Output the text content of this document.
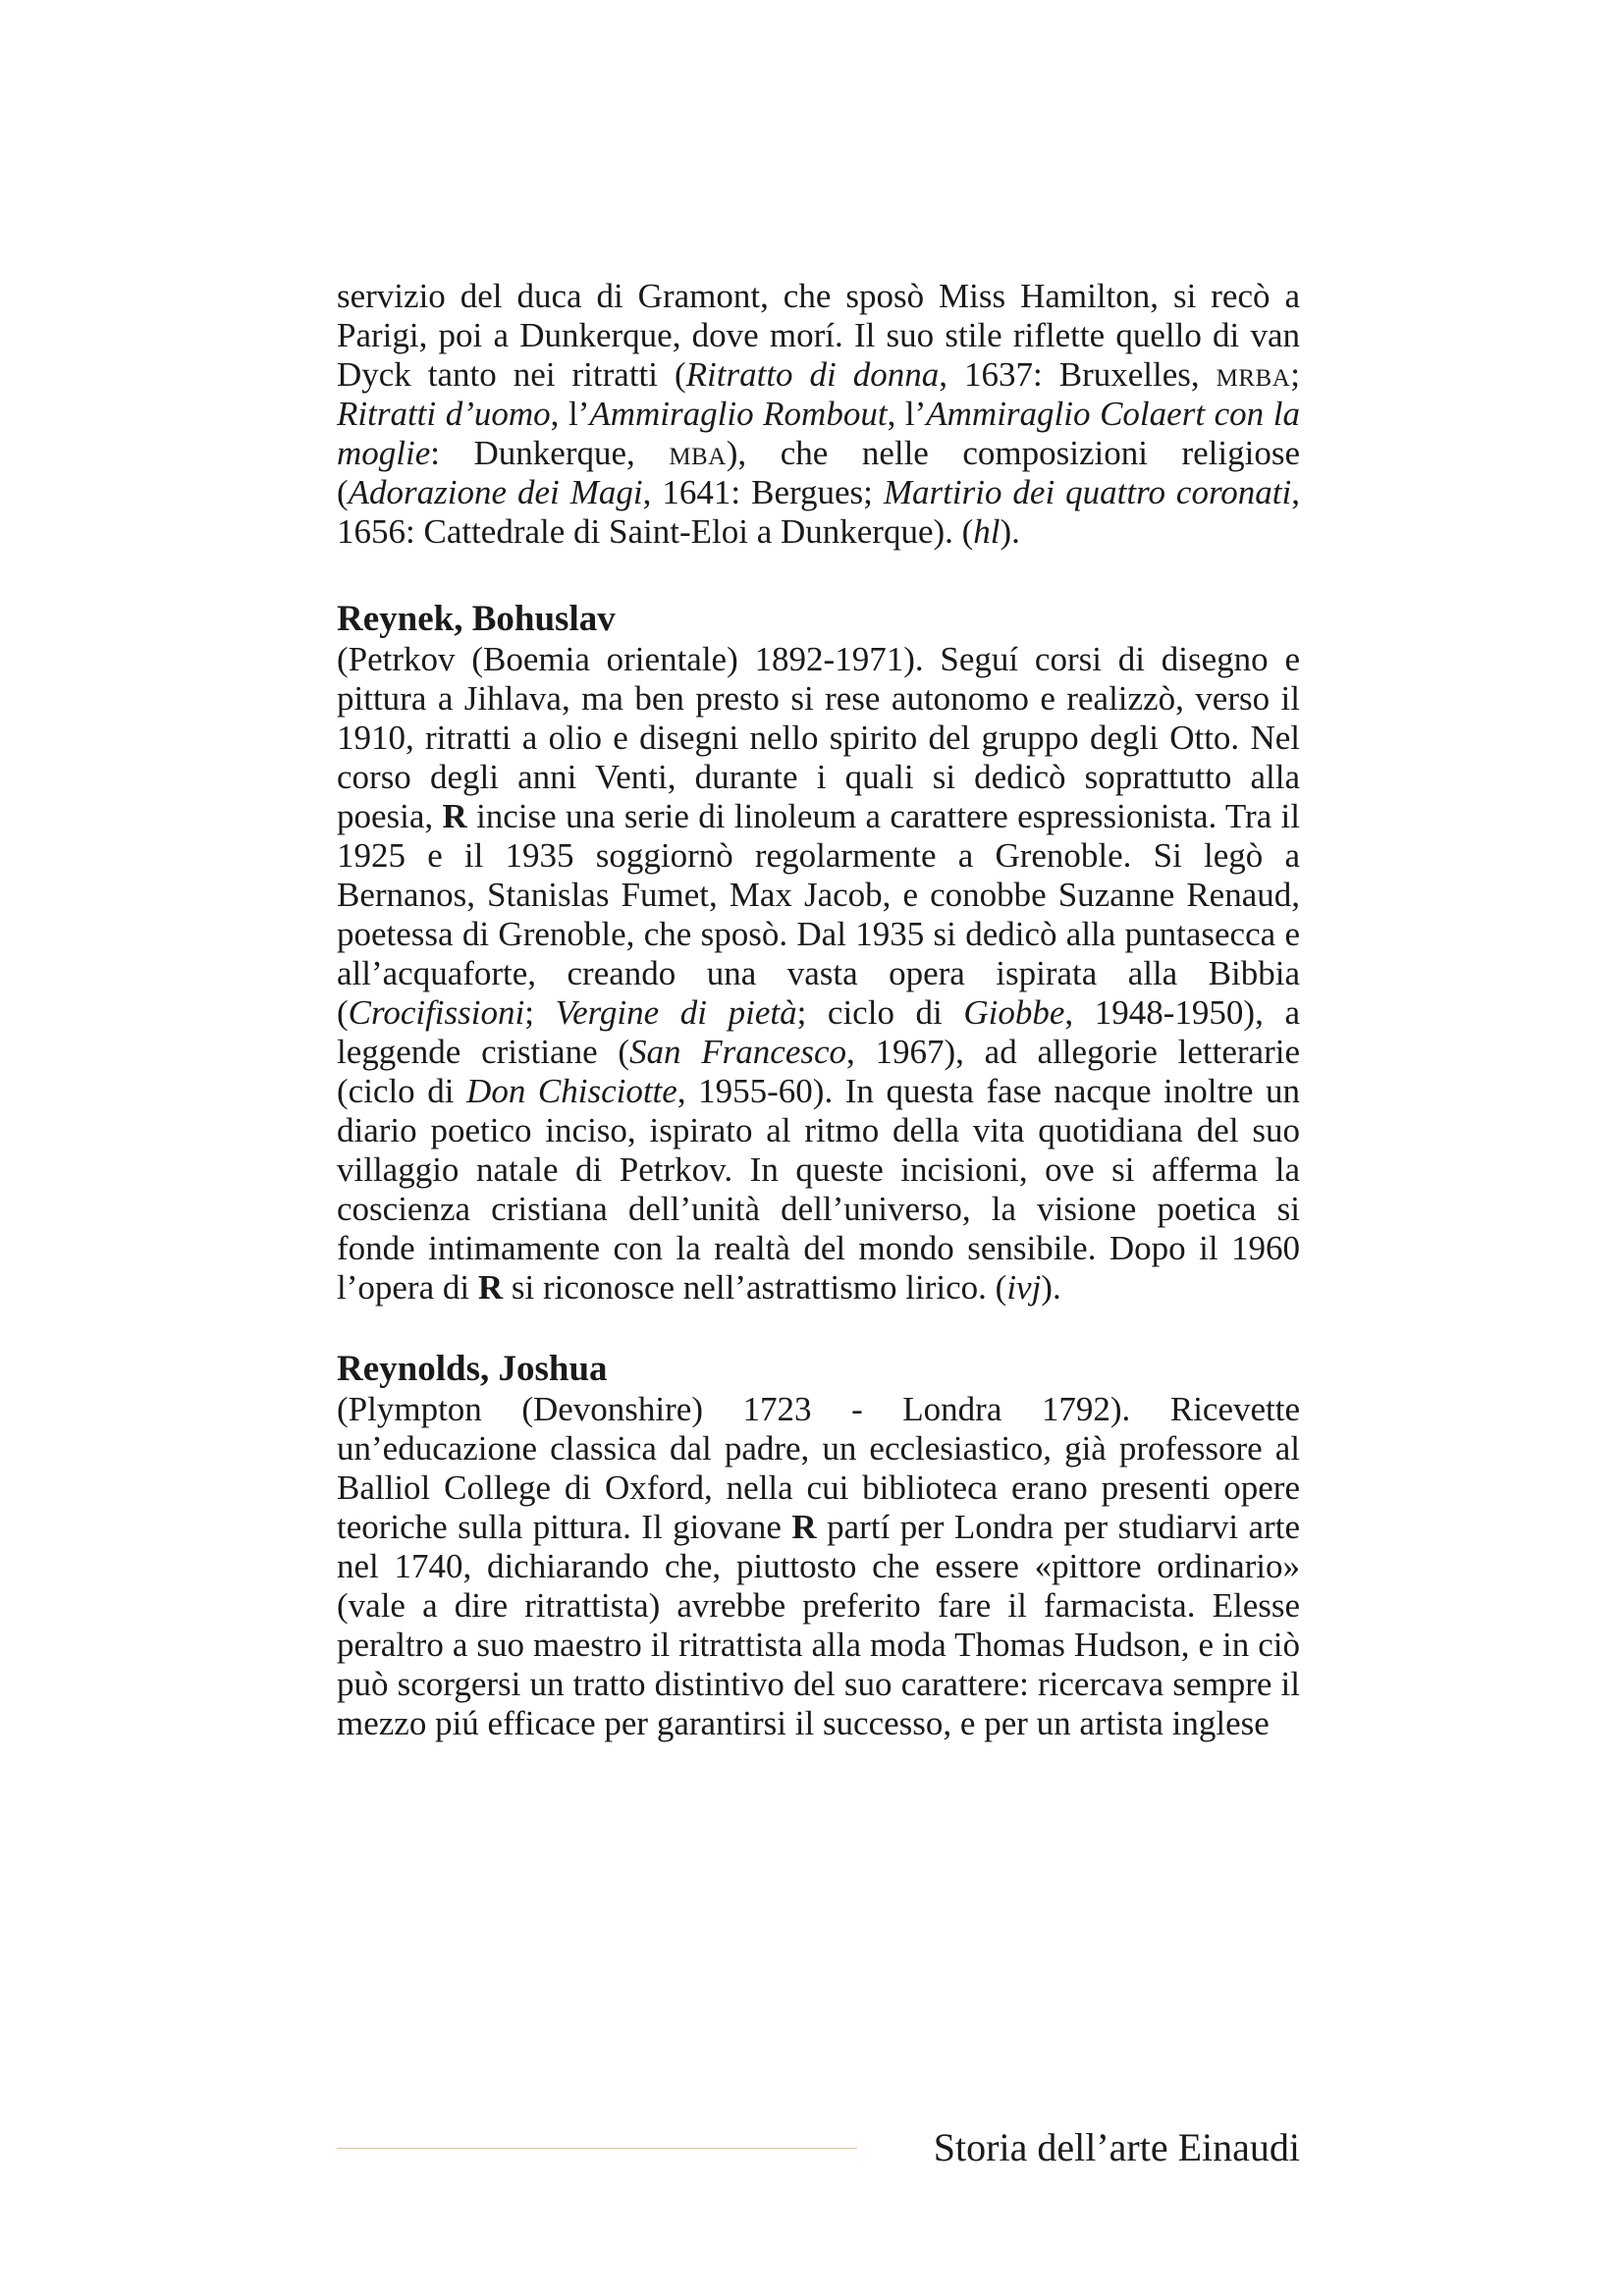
servizio del duca di Gramont, che sposò Miss Hamilton, si recò a Parigi, poi a Dunkerque, dove morí. Il suo stile riflette quello di van Dyck tanto nei ritratti (Ritratto di donna, 1637: Bruxelles, mrba; Ritratti d’uomo, l’Ammiraglio Rombout, l’Ammiraglio Colaert con la moglie: Dunkerque, mba), che nelle composizioni religiose (Adorazione dei Magi, 1641: Bergues; Martirio dei quattro coronati, 1656: Cattedrale di Saint-Eloi a Dunkerque). (hl).

Reynek, Bohuslav

(Petrkov (Boemia orientale) 1892-1971). Seguí corsi di disegno e pittura a Jihlava, ma ben presto si rese autonomo e realizzò, verso il 1910, ritratti a olio e disegni nello spirito del gruppo degli Otto. Nel corso degli anni Venti, durante i quali si dedicò soprattutto alla poesia, R incise una serie di linoleum a carattere espressionista. Tra il 1925 e il 1935 soggiornò regolarmente a Grenoble. Si legò a Bernanos, Stanislas Fumet, Max Jacob, e conobbe Suzanne Renaud, poetessa di Grenoble, che sposò. Dal 1935 si dedicò alla puntasecca e all’acquaforte, creando una vasta opera ispirata alla Bibbia (Crocifissioni; Vergine di pietà; ciclo di Giobbe, 1948-1950), a leggende cristiane (San Francesco, 1967), ad allegorie letterarie (ciclo di Don Chisciotte, 1955-60). In questa fase nacque inoltre un diario poetico inciso, ispirato al ritmo della vita quotidiana del suo villaggio natale di Petrkov. In queste incisioni, ove si afferma la coscienza cristiana dell’unità dell’universo, la visione poetica si fonde intimamente con la realtà del mondo sensibile. Dopo il 1960 l’opera di R si riconosce nell’astrattismo lirico. (ivj).

Reynolds, Joshua

(Plympton (Devonshire) 1723 - Londra 1792). Ricevette un’educazione classica dal padre, un ecclesiastico, già professore al Balliol College di Oxford, nella cui biblioteca erano presenti opere teoriche sulla pittura. Il giovane R partí per Londra per studiarvi arte nel 1740, dichiarando che, piuttosto che essere «pittore ordinario» (vale a dire ritrattista) avrebbe preferito fare il farmacista. Elesse peraltro a suo maestro il ritrattista alla moda Thomas Hudson, e in ciò può scorgersi un tratto distintivo del suo carattere: ricercava sempre il mezzo piú efficace per garantirsi il successo, e per un artista inglese

Storia dell’arte Einaudi
